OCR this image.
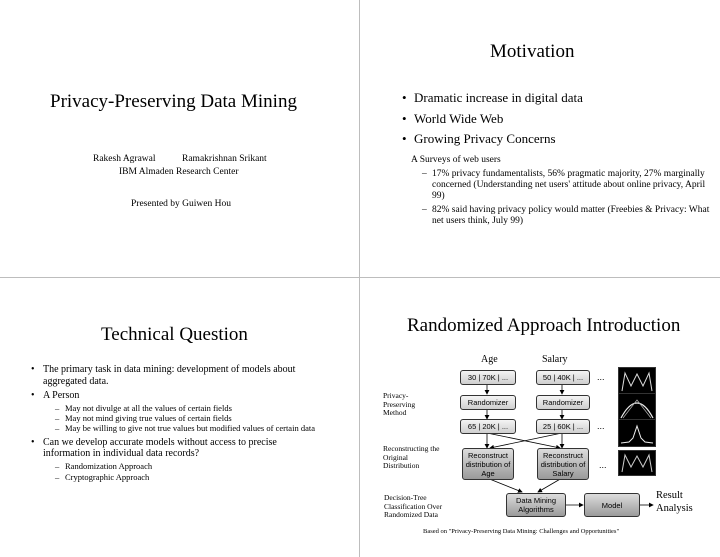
Privacy-Preserving Data Mining
Rakesh Agrawal	Ramakrishnan Srikant
IBM Almaden Research Center
Presented by Guiwen Hou
Motivation
• Dramatic increase in digital data
• World Wide Web
• Growing Privacy Concerns
A Surveys of web users
– 17% privacy fundamentalists, 56% pragmatic majority, 27% marginally concerned (Understanding net users' attitude about online privacy, April 99)
– 82% said having privacy policy would matter (Freebies & Privacy: What net users think, July 99)
Technical Question
• The primary task in data mining: development of models about aggregated data.
• A Person
– May not divulge at all the values of certain fields
– May not mind giving true values of certain fields
– May be willing to give not true values but modified values of certain data
• Can we develop accurate models without access to precise information in individual data records?
– Randomization Approach
– Cryptographic Approach
Randomized Approach Introduction
Age	Salary
30 | 70K | ...	50 | 40K | ...	...
Randomizer	Randomizer
65 | 20K | ...	25 | 60K | ...	...
Reconstruct distribution of Age
Reconstruct distribution of Salary
...
Data Mining Algorithms	Model
Privacy-Preserving Method
Reconstructing the Original Distribution
Decision-Tree Classification Over Randomized Data
Result Analysis
Based on "Privacy-Preserving Data Mining: Challenges and Opportunities"
